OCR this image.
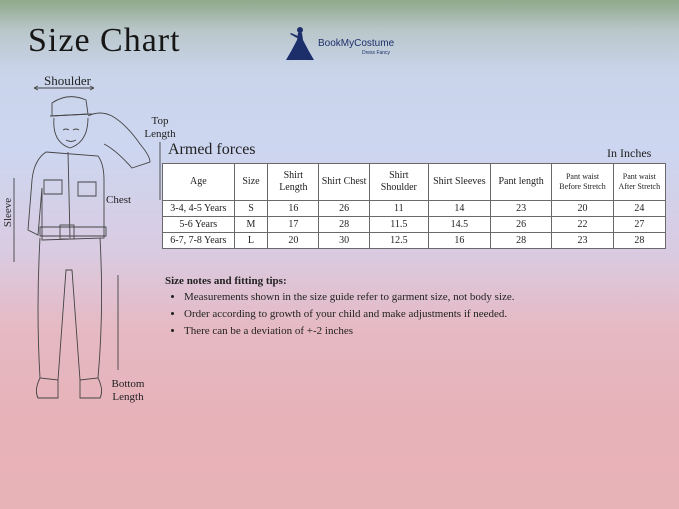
Size Chart	BookMyCostume
Dress Fancy
Shoulder
Top Length
Chest
Sleeve
Bottom Length
Armed forces	In Inches
Age	Size	Shirt Length	Shirt Chest	Shirt Shoulder	Shirt Sleeves	Pant length	Pant waist Before Stretch	Pant waist After Stretch
3-4, 4-5 Years	S	16	26	11	14	23	20	24
5-6 Years	M	17	28	11.5	14.5	26	22	27
6-7, 7-8 Years	L	20	30	12.5	16	28	23	28
Size notes and fitting tips:
• Measurements shown in the size guide refer to garment size, not body size.
• Order according to growth of your child and make adjustments if needed.
• There can be a deviation of +-2 inches
